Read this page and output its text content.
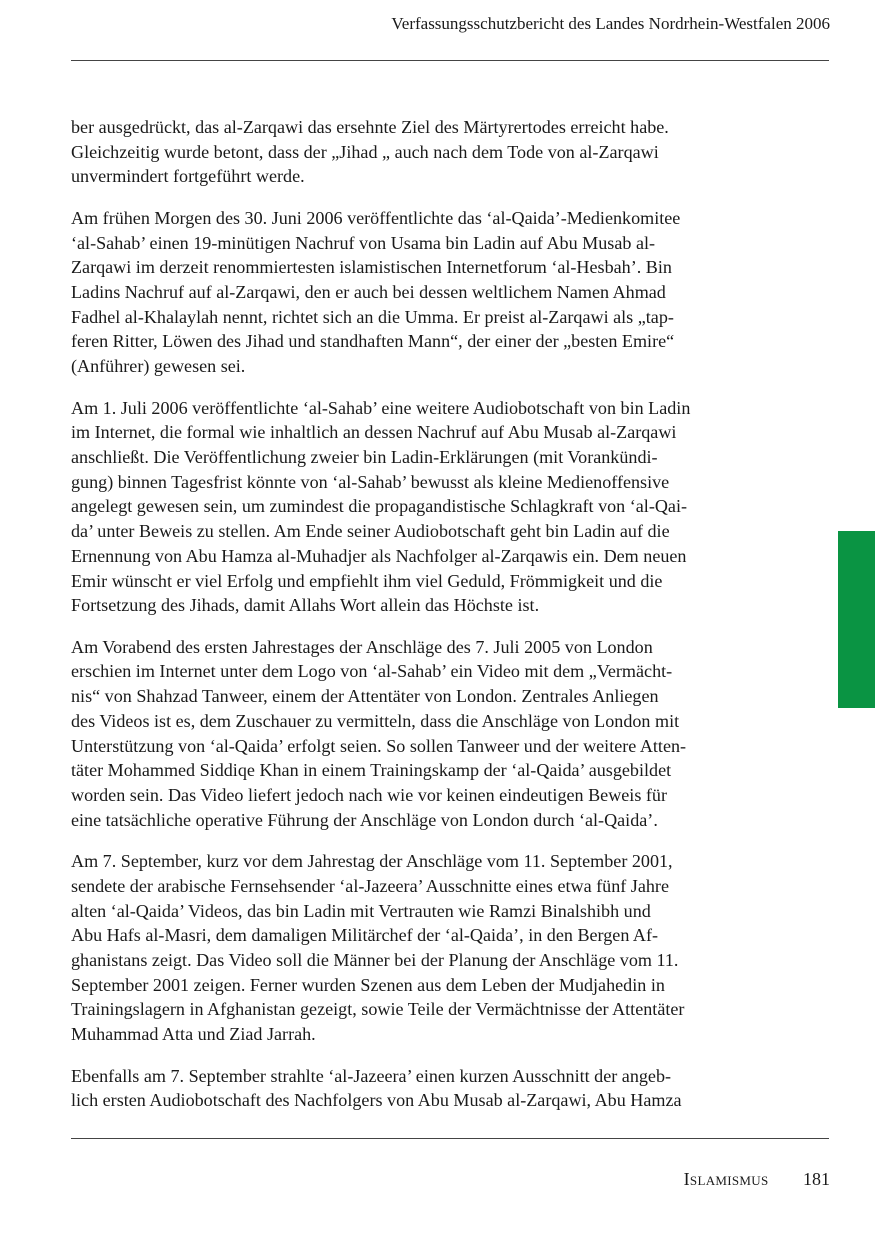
Verfassungsschutzbericht des Landes Nordrhein-Westfalen 2006

ber ausgedrückt, das al-Zarqawi das ersehnte Ziel des Märtyrertodes erreicht habe.
Gleichzeitig wurde betont, dass der „Jihad „ auch nach dem Tode von al-Zarqawi
unvermindert fortgeführt werde.

Am frühen Morgen des 30. Juni 2006 veröffentlichte das ‘al-Qaida’-Medienkomitee
‘al-Sahab’ einen 19-minütigen Nachruf von Usama bin Ladin auf Abu Musab al-
Zarqawi im derzeit renommiertesten islamistischen Internetforum ‘al-Hesbah’. Bin
Ladins Nachruf auf al-Zarqawi, den er auch bei dessen weltlichem Namen Ahmad
Fadhel al-Khalaylah nennt, richtet sich an die Umma. Er preist al-Zarqawi als „tap-
feren Ritter, Löwen des Jihad und standhaften Mann“, der einer der „besten Emire“
(Anführer) gewesen sei.

Am 1. Juli 2006 veröffentlichte ‘al-Sahab’ eine weitere Audiobotschaft von bin Ladin
im Internet, die formal wie inhaltlich an dessen Nachruf auf Abu Musab al-Zarqawi
anschließt. Die Veröffentlichung zweier bin Ladin-Erklärungen (mit Vorankündi-
gung) binnen Tagesfrist könnte von ‘al-Sahab’ bewusst als kleine Medienoffensive
angelegt gewesen sein, um zumindest die propagandistische Schlagkraft von ‘al-Qai-
da’ unter Beweis zu stellen. Am Ende seiner Audiobotschaft geht bin Ladin auf die
Ernennung von Abu Hamza al-Muhadjer als Nachfolger al-Zarqawis ein. Dem neuen
Emir wünscht er viel Erfolg und empfiehlt ihm viel Geduld, Frömmigkeit und die
Fortsetzung des Jihads, damit Allahs Wort allein das Höchste ist.

Am Vorabend des ersten Jahrestages der Anschläge des 7. Juli 2005 von London
erschien im Internet unter dem Logo von ‘al-Sahab’ ein Video mit dem „Vermächt-
nis“ von Shahzad Tanweer, einem der Attentäter von London. Zentrales Anliegen
des Videos ist es, dem Zuschauer zu vermitteln, dass die Anschläge von London mit
Unterstützung von ‘al-Qaida’ erfolgt seien. So sollen Tanweer und der weitere Atten-
täter Mohammed Siddiqe Khan in einem Trainingskamp der ‘al-Qaida’ ausgebildet
worden sein. Das Video liefert jedoch nach wie vor keinen eindeutigen Beweis für
eine tatsächliche operative Führung der Anschläge von London durch ‘al-Qaida’.

Am 7. September, kurz vor dem Jahrestag der Anschläge vom 11. September 2001,
sendete der arabische Fernsehsender ‘al-Jazeera’ Ausschnitte eines etwa fünf Jahre
alten ‘al-Qaida’ Videos, das bin Ladin mit Vertrauten wie Ramzi Binalshibh und
Abu Hafs al-Masri, dem damaligen Militärchef der ‘al-Qaida’, in den Bergen Af-
ghanistans zeigt. Das Video soll die Männer bei der Planung der Anschläge vom 11.
September 2001 zeigen. Ferner wurden Szenen aus dem Leben der Mudjahedin in
Trainingslagern in Afghanistan gezeigt, sowie Teile der Vermächtnisse der Attentäter
Muhammad Atta und Ziad Jarrah.

Ebenfalls am 7. September strahlte ‘al-Jazeera’ einen kurzen Ausschnitt der angeb-
lich ersten Audiobotschaft des Nachfolgers von Abu Musab al-Zarqawi, Abu Hamza

Islamismus 181
